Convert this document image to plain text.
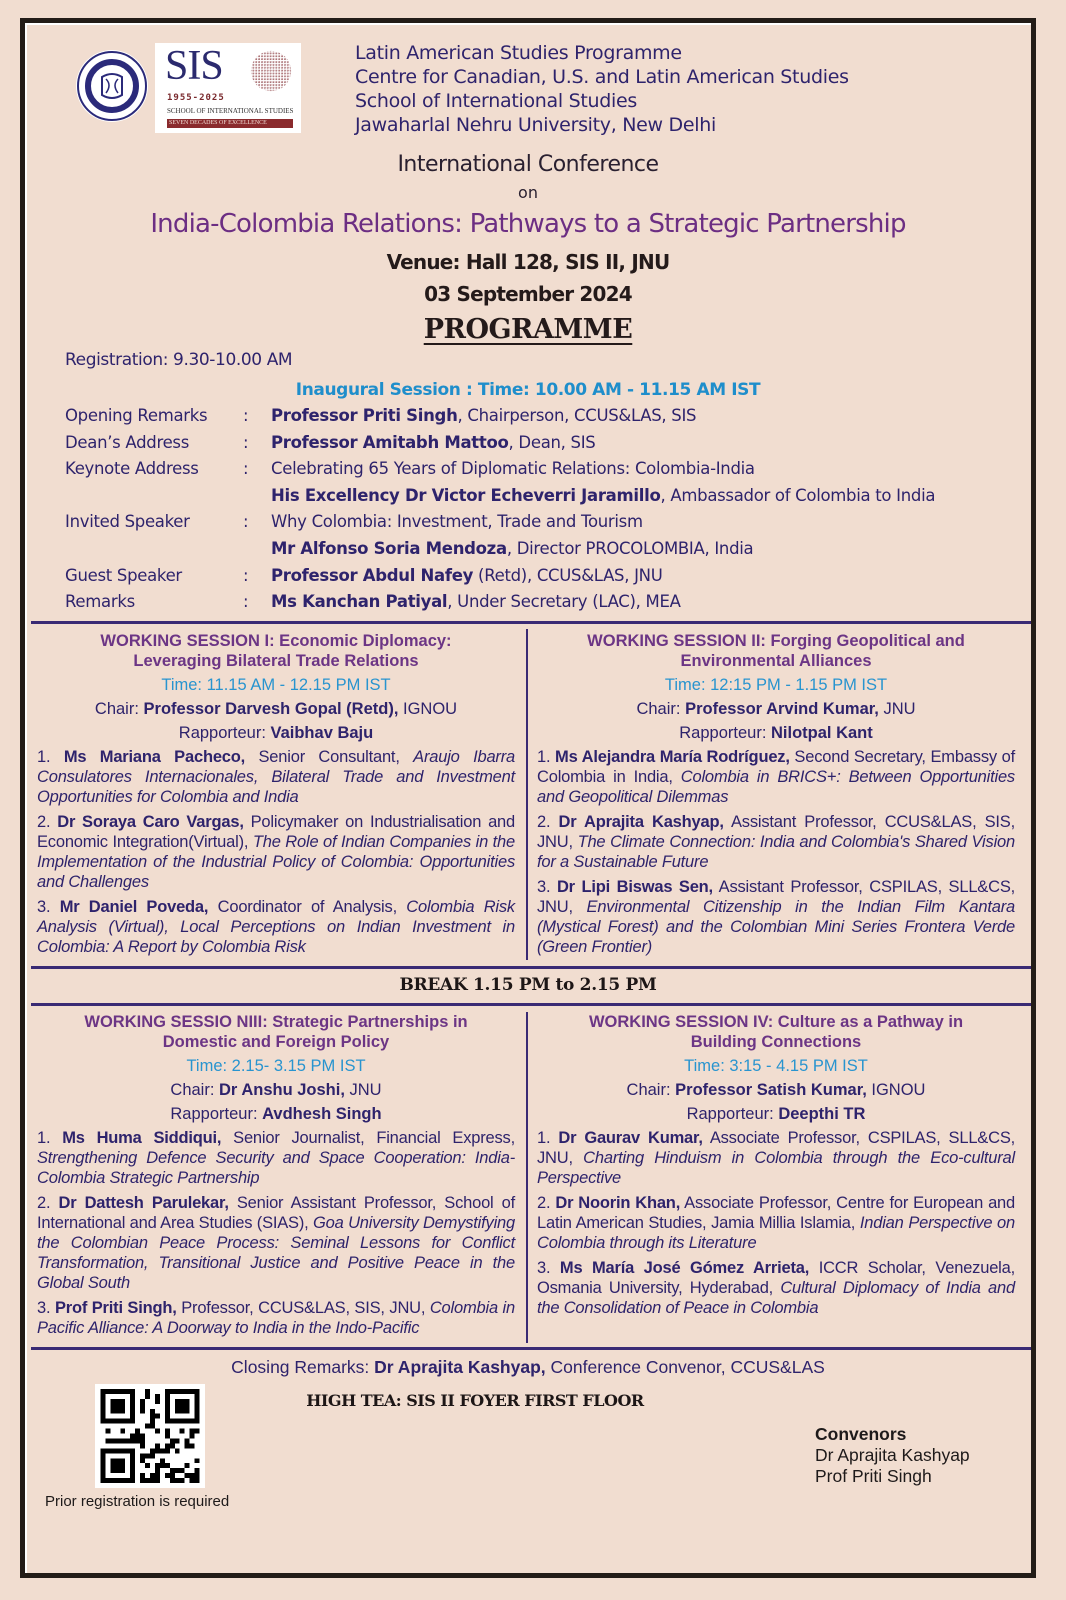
SIS
1955-2025
SCHOOL OF INTERNATIONAL STUDIES
SEVEN DECADES OF EXCELLENCE
Latin American Studies Programme
Centre for Canadian, U.S. and Latin American Studies
School of International Studies
Jawaharlal Nehru University, New Delhi
International Conference
on
India-Colombia Relations: Pathways to a Strategic Partnership
Venue: Hall 128, SIS II, JNU
03 September 2024
PROGRAMME
Registration: 9.30-10.00 AM
Inaugural Session : Time: 10.00 AM - 11.15 AM IST
Opening Remarks	:	Professor Priti Singh, Chairperson, CCUS&LAS, SIS
Dean’s Address	:	Professor Amitabh Mattoo, Dean, SIS
Keynote Address	:	Celebrating 65 Years of Diplomatic Relations: Colombia-India
His Excellency Dr Victor Echeverri Jaramillo, Ambassador of Colombia to India
Invited Speaker	:	Why Colombia: Investment, Trade and Tourism
Mr Alfonso Soria Mendoza, Director PROCOLOMBIA, India
Guest Speaker	:	Professor Abdul Nafey (Retd), CCUS&LAS, JNU
Remarks	:	Ms Kanchan Patiyal, Under Secretary (LAC), MEA
WORKING SESSION I: Economic Diplomacy:
Leveraging Bilateral Trade Relations
Time: 11.15 AM - 12.15 PM IST
Chair: Professor Darvesh Gopal (Retd), IGNOU
Rapporteur: Vaibhav Baju
1. Ms Mariana Pacheco, Senior Consultant, Araujo Ibarra Consulatores Internacionales, Bilateral Trade and Investment Opportunities for Colombia and India
2. Dr Soraya Caro Vargas, Policymaker on Industrialisation and Economic Integration(Virtual), The Role of Indian Companies in the Implementation of the Industrial Policy of Colombia: Opportunities and Challenges
3. Mr Daniel Poveda, Coordinator of Analysis, Colombia Risk Analysis (Virtual), Local Perceptions on Indian Investment in Colombia: A Report by Colombia Risk
WORKING SESSION II: Forging Geopolitical and
Environmental Alliances
Time: 12:15 PM - 1.15 PM IST
Chair: Professor Arvind Kumar, JNU
Rapporteur: Nilotpal Kant
1. Ms Alejandra María Rodríguez, Second Secretary, Embassy of Colombia in India, Colombia in BRICS+: Between Opportunities and Geopolitical Dilemmas
2. Dr Aprajita Kashyap, Assistant Professor, CCUS&LAS, SIS, JNU, The Climate Connection: India and Colombia's Shared Vision for a Sustainable Future
3. Dr Lipi Biswas Sen, Assistant Professor, CSPILAS, SLL&CS, JNU, Environmental Citizenship in the Indian Film Kantara (Mystical Forest) and the Colombian Mini Series Frontera Verde (Green Frontier)
BREAK 1.15 PM to 2.15 PM
WORKING SESSIO NIII: Strategic Partnerships in
Domestic and Foreign Policy
Time: 2.15- 3.15 PM IST
Chair: Dr Anshu Joshi, JNU
Rapporteur: Avdhesh Singh
1. Ms Huma Siddiqui, Senior Journalist, Financial Express, Strengthening Defence Security and Space Cooperation: India-Colombia Strategic Partnership
2. Dr Dattesh Parulekar, Senior Assistant Professor, School of International and Area Studies (SIAS), Goa University Demystifying the Colombian Peace Process: Seminal Lessons for Conflict Transformation, Transitional Justice and Positive Peace in the Global South
3. Prof Priti Singh, Professor, CCUS&LAS, SIS, JNU, Colombia in Pacific Alliance: A Doorway to India in the Indo-Pacific
WORKING SESSION IV: Culture as a Pathway in
Building Connections
Time: 3:15 - 4.15 PM IST
Chair: Professor Satish Kumar, IGNOU
Rapporteur: Deepthi TR
1. Dr Gaurav Kumar, Associate Professor, CSPILAS, SLL&CS, JNU, Charting Hinduism in Colombia through the Eco-cultural Perspective
2. Dr Noorin Khan, Associate Professor, Centre for European and Latin American Studies, Jamia Millia Islamia, Indian Perspective on Colombia through its Literature
3. Ms María José Gómez Arrieta, ICCR Scholar, Venezuela, Osmania University, Hyderabad, Cultural Diplomacy of India and the Consolidation of Peace in Colombia
Closing Remarks: Dr Aprajita Kashyap, Conference Convenor, CCUS&LAS
HIGH TEA: SIS II FOYER FIRST FLOOR
Prior registration is required
Convenors
Dr Aprajita Kashyap
Prof Priti Singh
